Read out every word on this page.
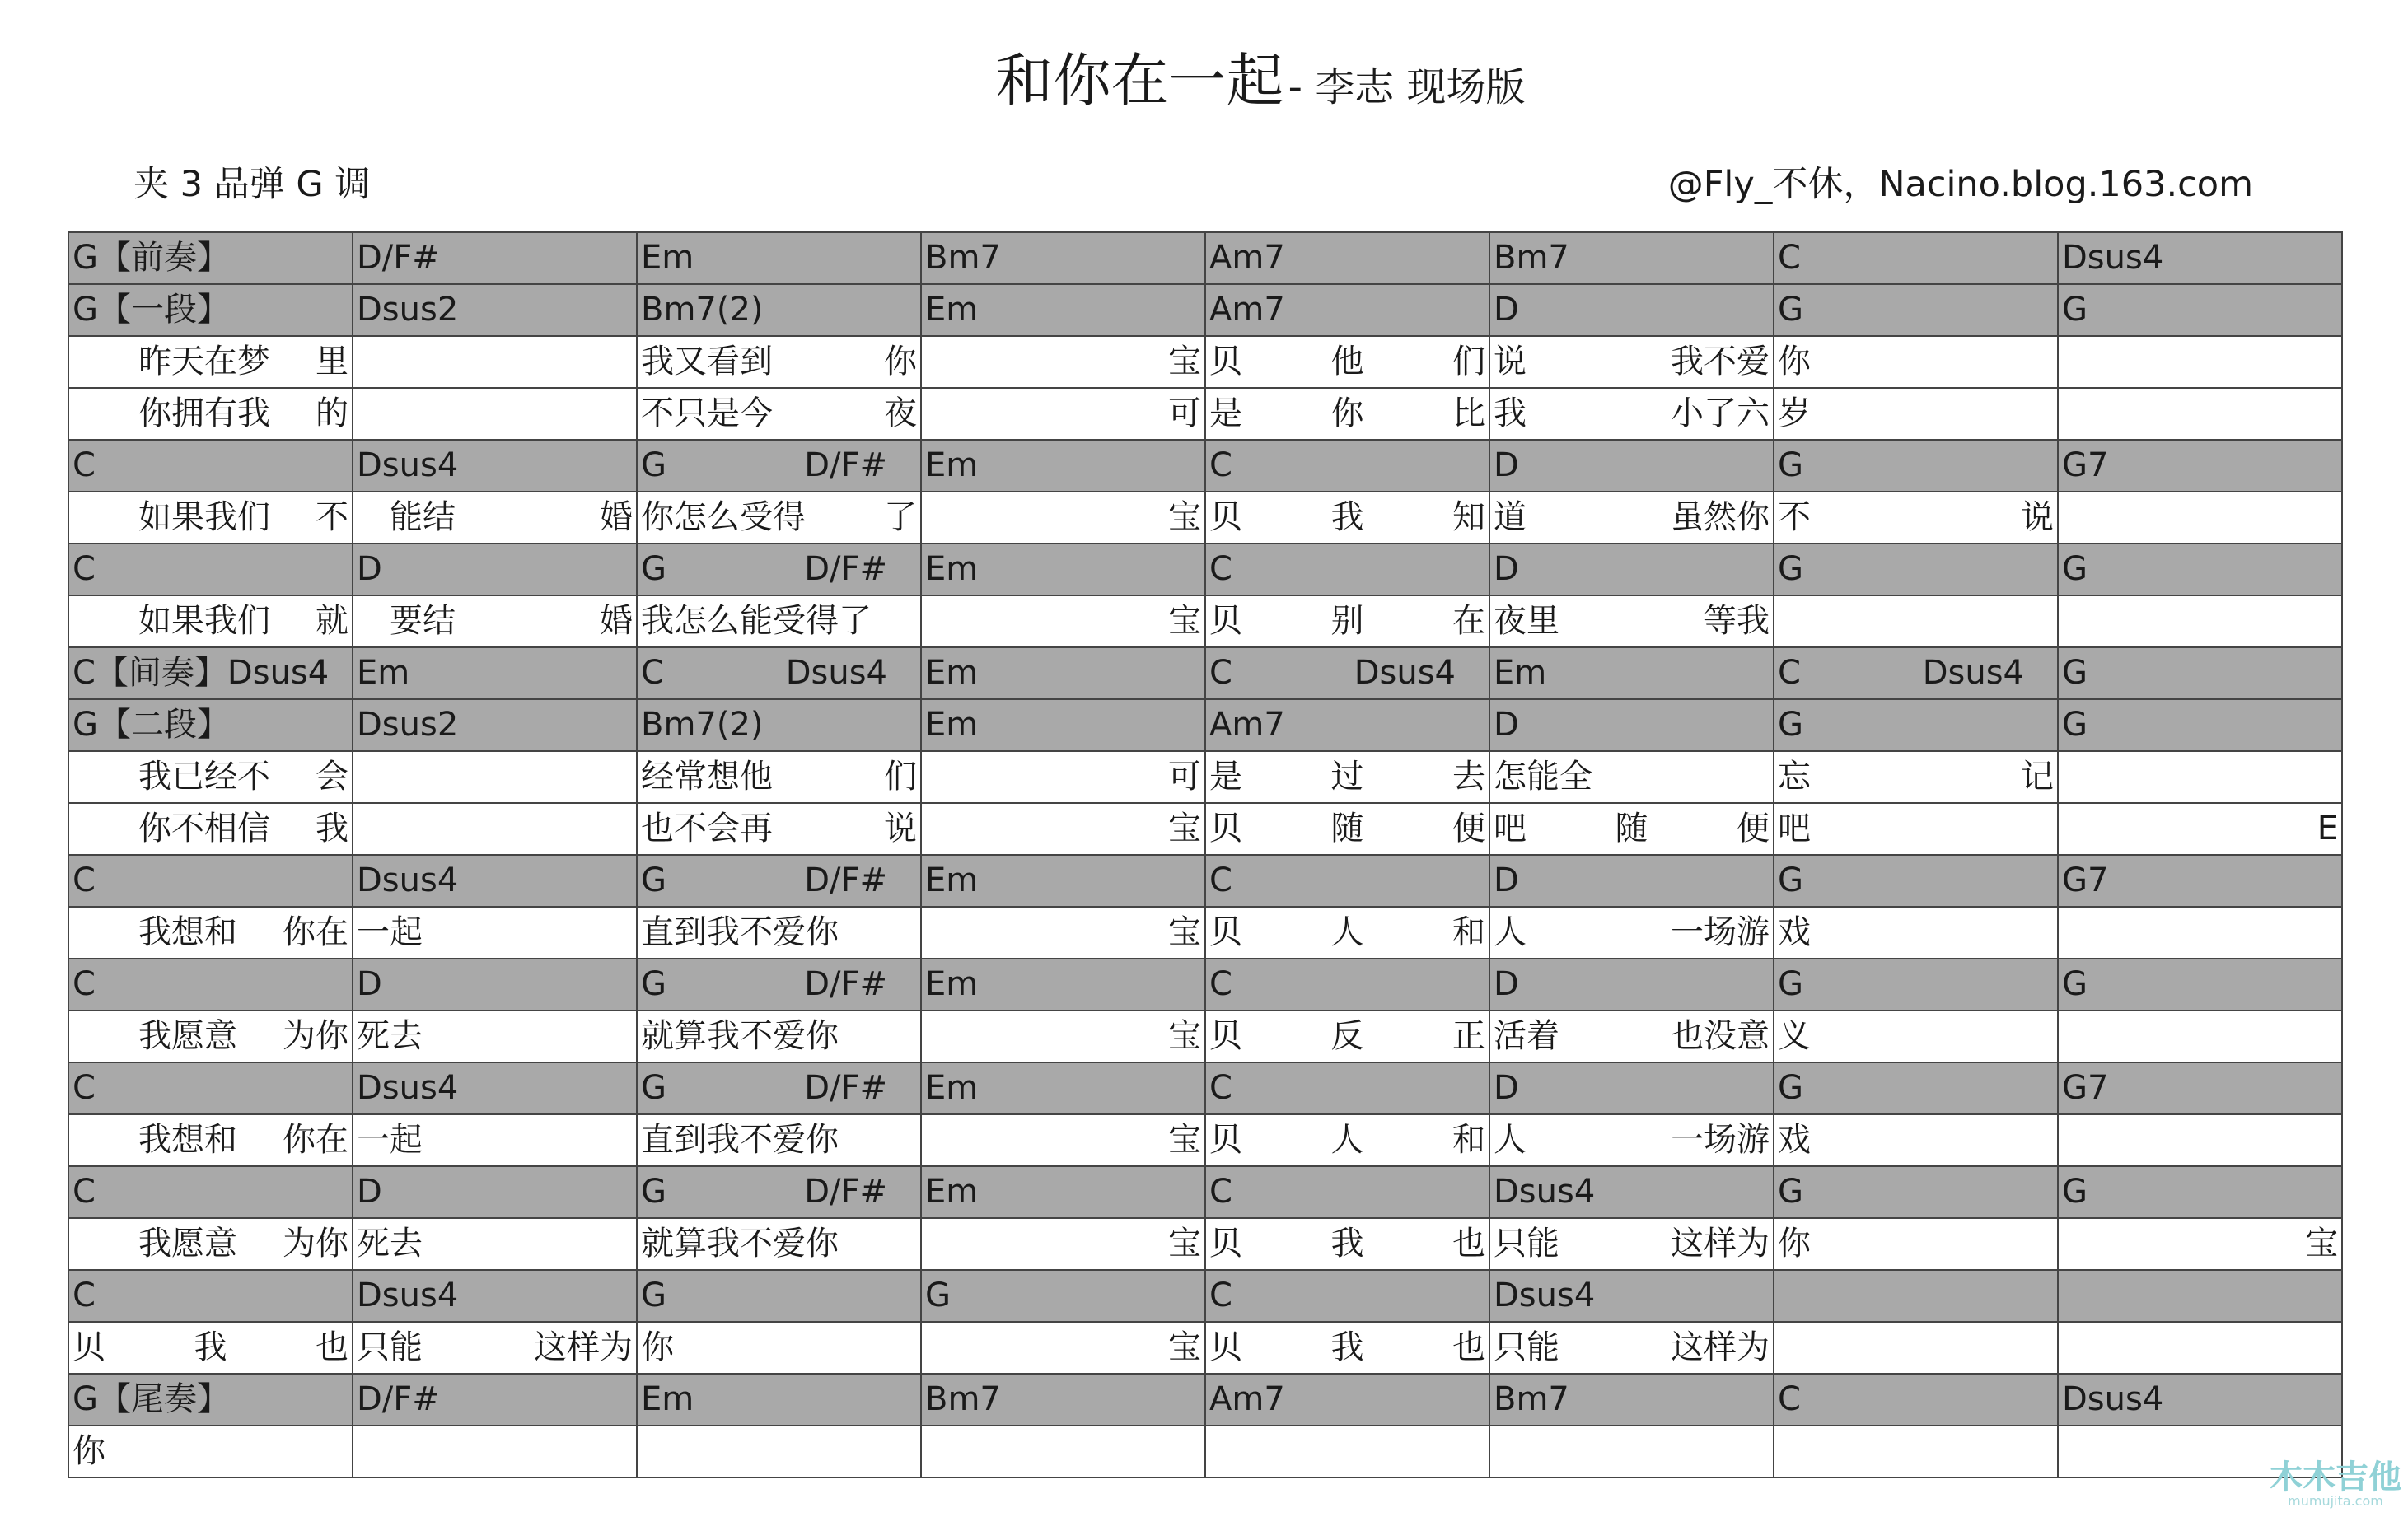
和你在一起 - 李志 现场版
夹 3 品弹 G 调	@Fly_不休，Nacino.blog.163.com
G【前奏】	D/F#	Em	Bm7	Am7	Bm7	C	Dsus4

G【一段】	Dsus2	Bm7(2)	Em	Am7	D	G	G

昨天在梦 里		我又看到 你	宝	贝 他 们	说 我不爱	你	

你拥有我 的		不只是今 夜	可	是 你 比	我 小了六	岁	

C	Dsus4	G D/F#	Em	C	D	G	G7

如果我们 不	能结 婚	你怎么受得 了	宝	贝 我 知	道 虽然你	不 说	

C	D	G D/F#	Em	C	D	G	G

如果我们 就	要结 婚	我怎么能受得了	宝	贝 别 在	夜里 等我		

C【间奏】Dsus4	Em	C Dsus4	Em	C Dsus4	Em	C Dsus4	G

G【二段】	Dsus2	Bm7(2)	Em	Am7	D	G	G

我已经不 会		经常想他 们	可	是 过 去	怎能全	忘 记	

你不相信 我		也不会再 说	宝	贝 随 便	吧 随 便	吧	E

C	Dsus4	G D/F#	Em	C	D	G	G7

我想和 你在	一起	直到我不爱你	宝	贝 人 和	人 一场游	戏	

C	D	G D/F#	Em	C	D	G	G

我愿意 为你	死去	就算我不爱你	宝	贝 反 正	活着 也没意	义	

C	Dsus4	G D/F#	Em	C	D	G	G7

我想和 你在	一起	直到我不爱你	宝	贝 人 和	人 一场游	戏	

C	D	G D/F#	Em	C	Dsus4	G	G

我愿意 为你	死去	就算我不爱你	宝	贝 我 也	只能 这样为	你	宝

C	Dsus4	G	G	C	Dsus4		

贝 我 也	只能 这样为	你	宝	贝 我 也	只能 这样为		

G【尾奏】	D/F#	Em	Bm7	Am7	Bm7	C	Dsus4

你							

木木吉他
mumujita.com
